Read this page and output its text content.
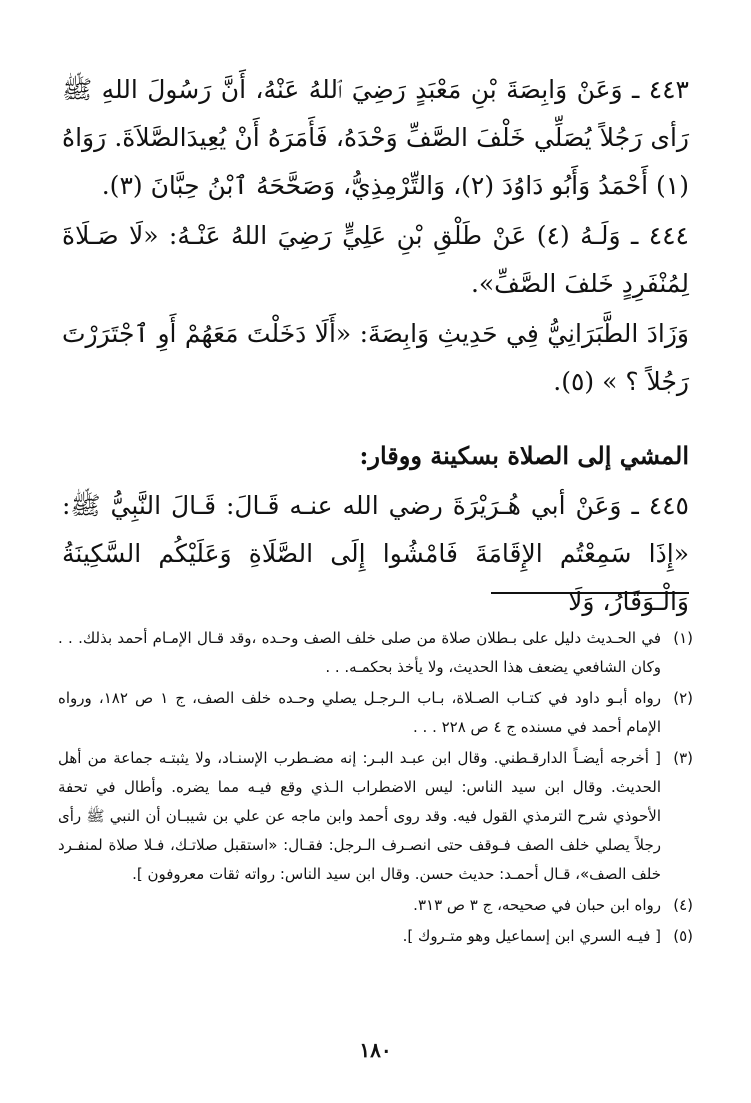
٤٤٣ ـ وَعَنْ وَابِصَةَ بْنِ مَعْبَدٍ رَضِيَ ٱللهُ عَنْهُ، أَنَّ رَسُولَ اللهِ ﷺ رَأى رَجُلاً يُصَلِّي خَلْفَ الصَّفِّ وَحْدَهُ، فَأَمَرَهُ أَنْ يُعِيدَالصَّلاَةَ. رَوَاهُ (١) أَحْمَدُ وَأَبُو دَاوُدَ (٢)، وَالتِّرْمِذِيُّ، وَصَحَّحَهُ ٱبْنُ حِبَّانَ (٣).

٤٤٤ ـ وَلَـهُ (٤) عَنْ طَلْقِ بْنِ عَلِيٍّ رَضِيَ اللهُ عَنْـهُ: «لَا صَـلَاةَ لِمُنْفَرِدٍ خَلفَ الصَّفِّ».

وَزَادَ الطَّبَرَانِيُّ فِي حَدِيثِ وَابِصَةَ: «أَلَا دَخَلْتَ مَعَهُمْ أَوِ ٱجْتَرَرْتَ رَجُلاً ؟ » (٥).

المشي إلى الصلاة بسكينة ووقار:

٤٤٥ ـ وَعَنْ أبي هُـرَيْرَةَ رضي الله عنـه قَـالَ: قَـالَ النَّبِيُّ ﷺ: «إِذَا سَمِعْتُم الإِقَامَةَ فَامْشُوا إِلَى الصَّلَاةِ وَعَلَيْكُم السَّكِينَةُ وَالْـوَقَارُ، وَلَا

(١)
في الحـديث دليل على بـطلان صلاة من صلى خلف الصف وحـده ،وقد قـال الإمـام أحمد بذلك. . . وكان الشافعي يضعف هذا الحديث، ولا يأخذ بحكمـه. . .
(٢)
رواه أبـو داود في كتـاب الصـلاة، بـاب الـرجـل يصلي وحـده خلف الصف، ج ١ ص ١٨٢، ورواه الإمام أحمد في مسنده ج ٤ ص ٢٢٨ . . .
(٣)
[ أخرجه أيضـاً الدارقـطني. وقال ابن عبـد البـر: إنه مضـطرب الإسنـاد، ولا يثبتـه جماعة من أهل الحديث. وقال ابن سيد الناس: ليس الاضطراب الـذي وقع فيـه مما يضره. وأطال في تحفة الأحوذي شرح الترمذي القول فيه. وقد روى أحمد وابن ماجه عن علي بن شيبـان أن النبي ﷺ رأى رجلاً يصلي خلف الصف فـوقف حتى انصـرف الـرجل: فقـال: «استقبل صلاتـك، فـلا صلاة لمنفـرد خلف الصف»، قـال أحمـد: حديث حسن. وقال ابن سيد الناس: رواته ثقات معروفون ].
(٤)
رواه ابن حبان في صحيحه، ج ٣ ص ٣١٣.
(٥)
[ فيـه السري ابن إسماعيل وهو متـروك ].
١٨٠
